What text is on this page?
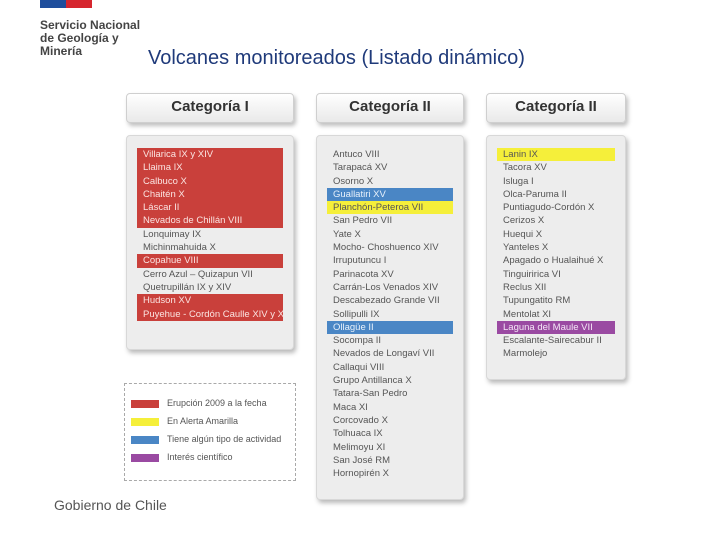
Servicio Nacional
de Geología y
Minería	Volcanes monitoreados (Listado dinámico)
Categoría I	Categoría II	Categoría II
Villarica IX y XIV
Llaima IX
Calbuco X
Chaitén X
Láscar II
Nevados de Chillán VIII
Lonquimay IX
Michinmahuida X
Copahue VIII
Cerro Azul – Quizapun VII
Quetrupillán IX y XIV
Hudson XV
Puyehue - Cordón Caulle XIV y X
Antuco VIII
Tarapacá XV
Osorno X
Guallatiri XV
Planchón-Peteroa VII
San Pedro VII
Yate X
Mocho- Choshuenco XIV
Irruputuncu I
Parinacota XV
Carrán-Los Venados XIV
Descabezado Grande VII
Sollipulli IX
Ollagüe II
Socompa II
Nevados de Longaví VII
Callaqui VIII
Grupo Antillanca X
Tatara-San Pedro
Maca XI
Corcovado X
Tolhuaca IX
Melimoyu XI
San José RM
Hornopirén X
Lanin IX
Tacora XV
Isluga I
Olca-Paruma II
Puntiagudo-Cordón X
Cerizos X
Huequi X
Yanteles X
Apagado o Hualaihué X
Tinguiririca VI
Reclus XII
Tupungatito RM
Mentolat XI
Laguna del Maule VII
Escalante-Sairecabur II
Marmolejo
Erupción 2009 a la fecha
En Alerta Amarilla
Tiene algún tipo de actividad
Interés científico
Gobierno de Chile
